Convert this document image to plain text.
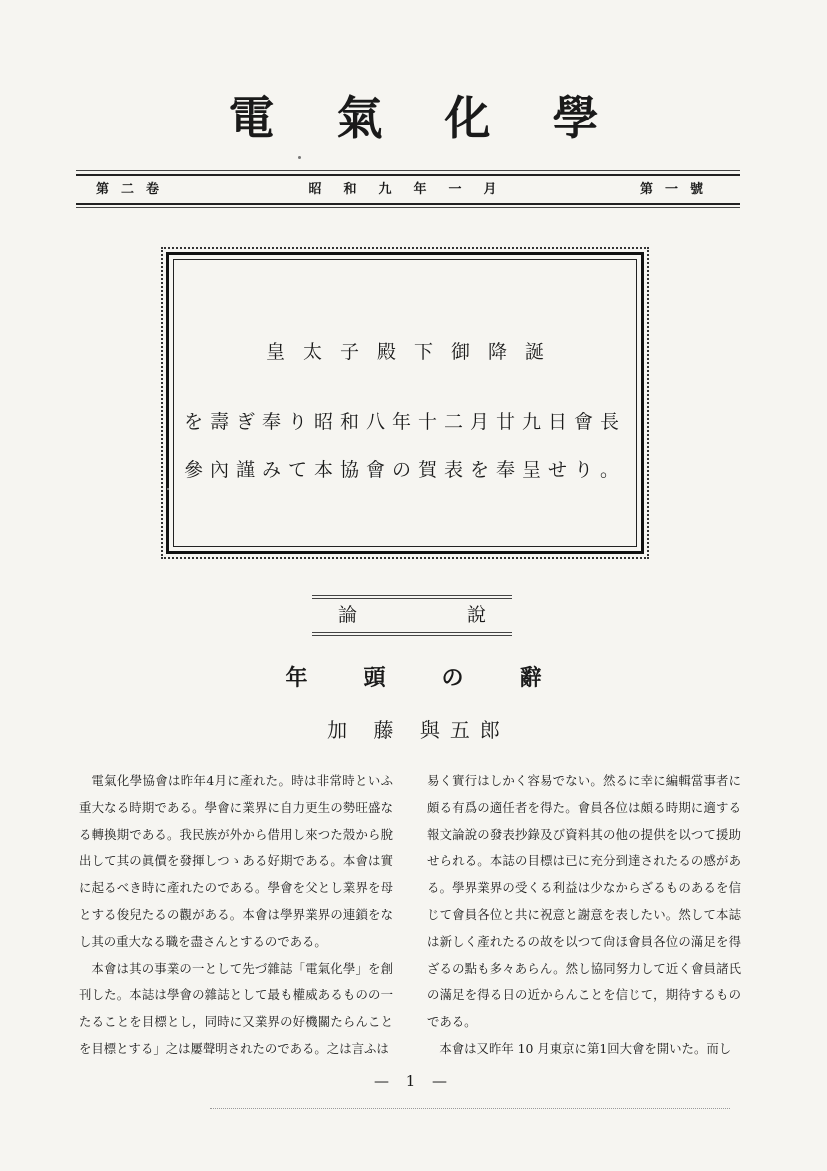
電氣化學
第二卷	昭和九年一月	第一號
皇太子殿下御降誕
を壽ぎ奉り昭和八年十二月廿九日會長
參內謹みて本協會の賀表を奉呈せり。
論	說
年頭の辭
加 藤 與五郎

電氣化學協會は昨年4月に產れた。時は非常時といふ重大なる時期である。學會に業界に自力更生の勢旺盛なる轉換期である。我民族が外から借用し來つた殼から脫出して其の眞價を發揮しつゝある好期である。本會は實に起るべき時に產れたのである。學會を父とし業界を母とする俊兒たるの觀がある。本會は學界業界の連鎖をなし其の重大なる職を盡さんとするのである。

本會は其の事業の一として先づ雜誌「電氣化學」を創刊した。本誌は學會の雜誌として最も權威あるものの一たることを目標とし，同時に又業界の好機關たらんことを目標とする」之は屢聲明されたのである。之は言ふは

易く實行はしかく容易でない。然るに幸に編輯當事者に頗る有爲の適任者を得た。會員各位は頗る時期に適する報文論說の發表抄錄及び資料其の他の提供を以つて援助せられる。本誌の目標は已に充分到達されたるの感がある。學界業界の受くる利益は少なからざるものあるを信じて會員各位と共に祝意と謝意を表したい。然して本誌は新しく產れたるの故を以つて尙ほ會員各位の滿足を得ざるの點も多々あらん。然し協同努力して近く會員諸氏の滿足を得る日の近からんことを信じて，期待するものである。

本會は又昨年 10 月東京に第1回大會を開いた。而し

— 1 —
